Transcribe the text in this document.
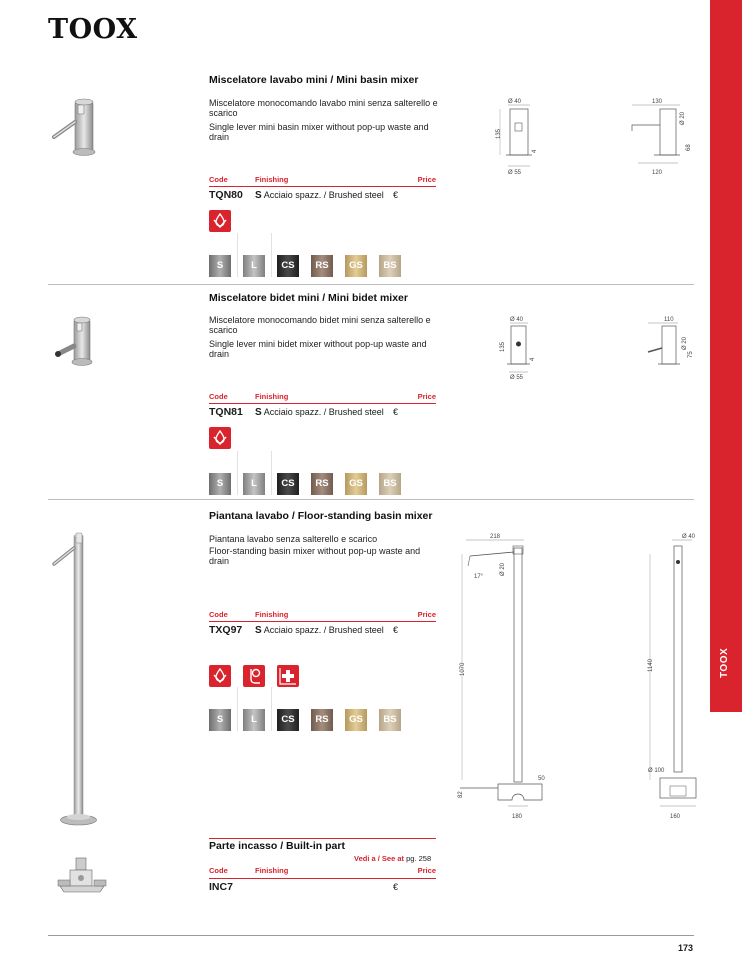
TOOX
TOOX
Miscelatore lavabo mini / Mini basin mixer
Miscelatore monocomando lavabo mini senza salterello e scarico
Single lever mini basin mixer without pop-up waste and drain
Code	Finishing	Price
TQN80 S Acciaio spazz. / Brushed steel €
S	L	CS	RS	GS	BS
Ø 40
135
4
Ø 55
130
Ø 20
68
120
Miscelatore bidet mini / Mini bidet mixer
Miscelatore monocomando bidet mini senza salterello e scarico
Single lever mini bidet mixer without pop-up waste and drain
Code	Finishing	Price
TQN81 S Acciaio spazz. / Brushed steel €
S	L	CS	RS	GS	BS
Ø 40
135
4
Ø 55
110
Ø 20
75
Piantana lavabo / Floor-standing basin mixer
Piantana lavabo senza salterello e scarico
Floor-standing basin mixer without pop-up waste and drain
Code	Finishing	Price
TXQ97 S Acciaio spazz. / Brushed steel €
S	L	CS	RS	GS	BS
218
17°
Ø 20
1070
50
82
180
Ø 40
1140
Ø 100
160
Parte incasso / Built-in part
Vedi a / See at pg. 258
Code	Finishing	Price
INC7	€
173
